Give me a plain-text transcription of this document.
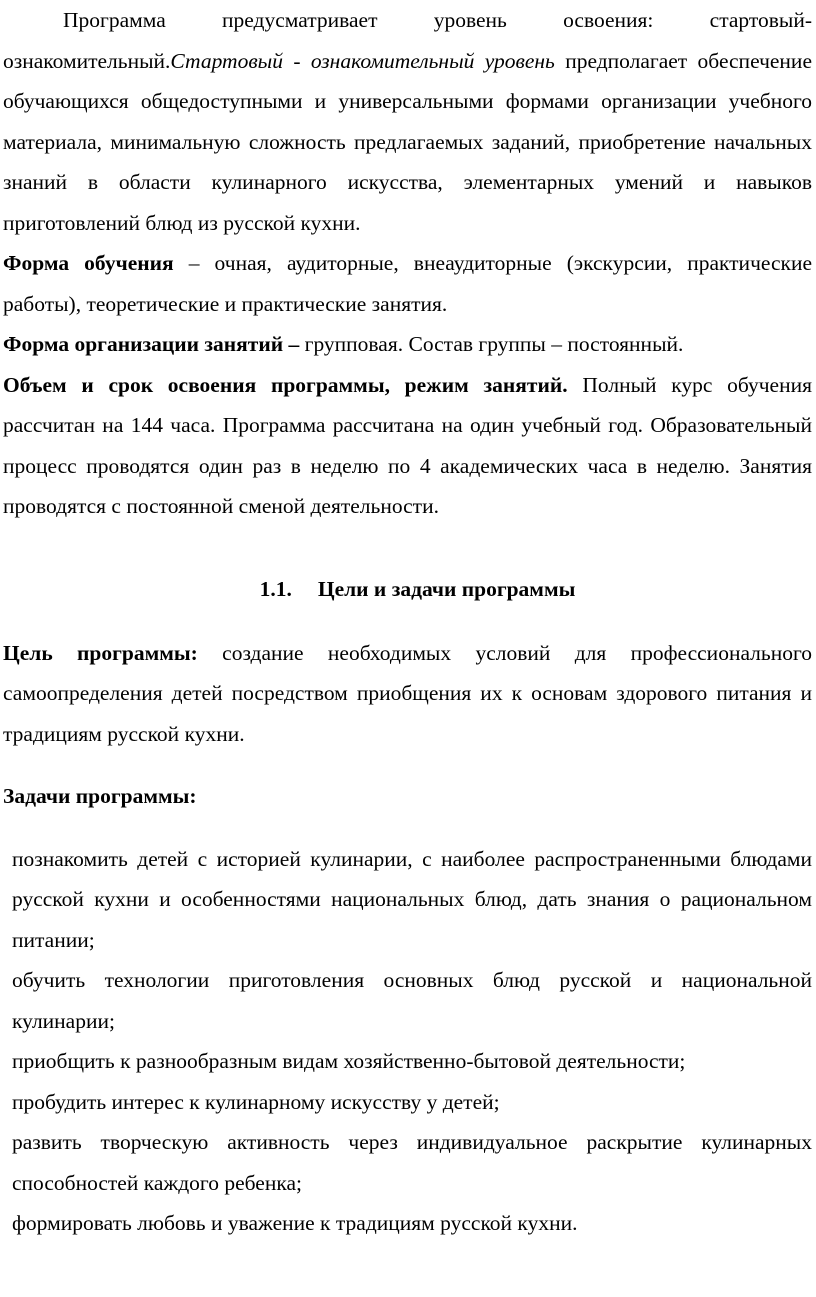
Программа предусматривает уровень освоения: стартовый-ознакомительный.Стартовый - ознакомительный уровень предполагает обеспечение обучающихся общедоступными и универсальными формами организации учебного материала, минимальную сложность предлагаемых заданий, приобретение начальных знаний в области кулинарного искусства, элементарных умений и навыков приготовлений блюд из русской кухни.

Форма обучения – очная, аудиторные, внеаудиторные (экскурсии, практические работы), теоретические и практические занятия.

Форма организации занятий – групповая. Состав группы – постоянный.

Объем и срок освоения программы, режим занятий. Полный курс обучения рассчитан на 144 часа. Программа рассчитана на один учебный год. Образовательный процесс проводятся один раз в неделю по 4 академических часа в неделю. Занятия проводятся с постоянной сменой деятельности.

1.1. Цели и задачи программы

Цель программы: создание необходимых условий для профессионального самоопределения детей посредством приобщения их к основам здорового питания и традициям русской кухни.

Задачи программы:

познакомить детей с историей кулинарии, с наиболее распространенными блюдами русской кухни и особенностями национальных блюд, дать знания о рациональном питании;
обучить технологии приготовления основных блюд русской и национальной кулинарии;
приобщить к разнообразным видам хозяйственно-бытовой деятельности;
пробудить интерес к кулинарному искусству у детей;
развить творческую активность через индивидуальное раскрытие кулинарных способностей каждого ребенка;
формировать любовь и уважение к традициям русской кухни.
